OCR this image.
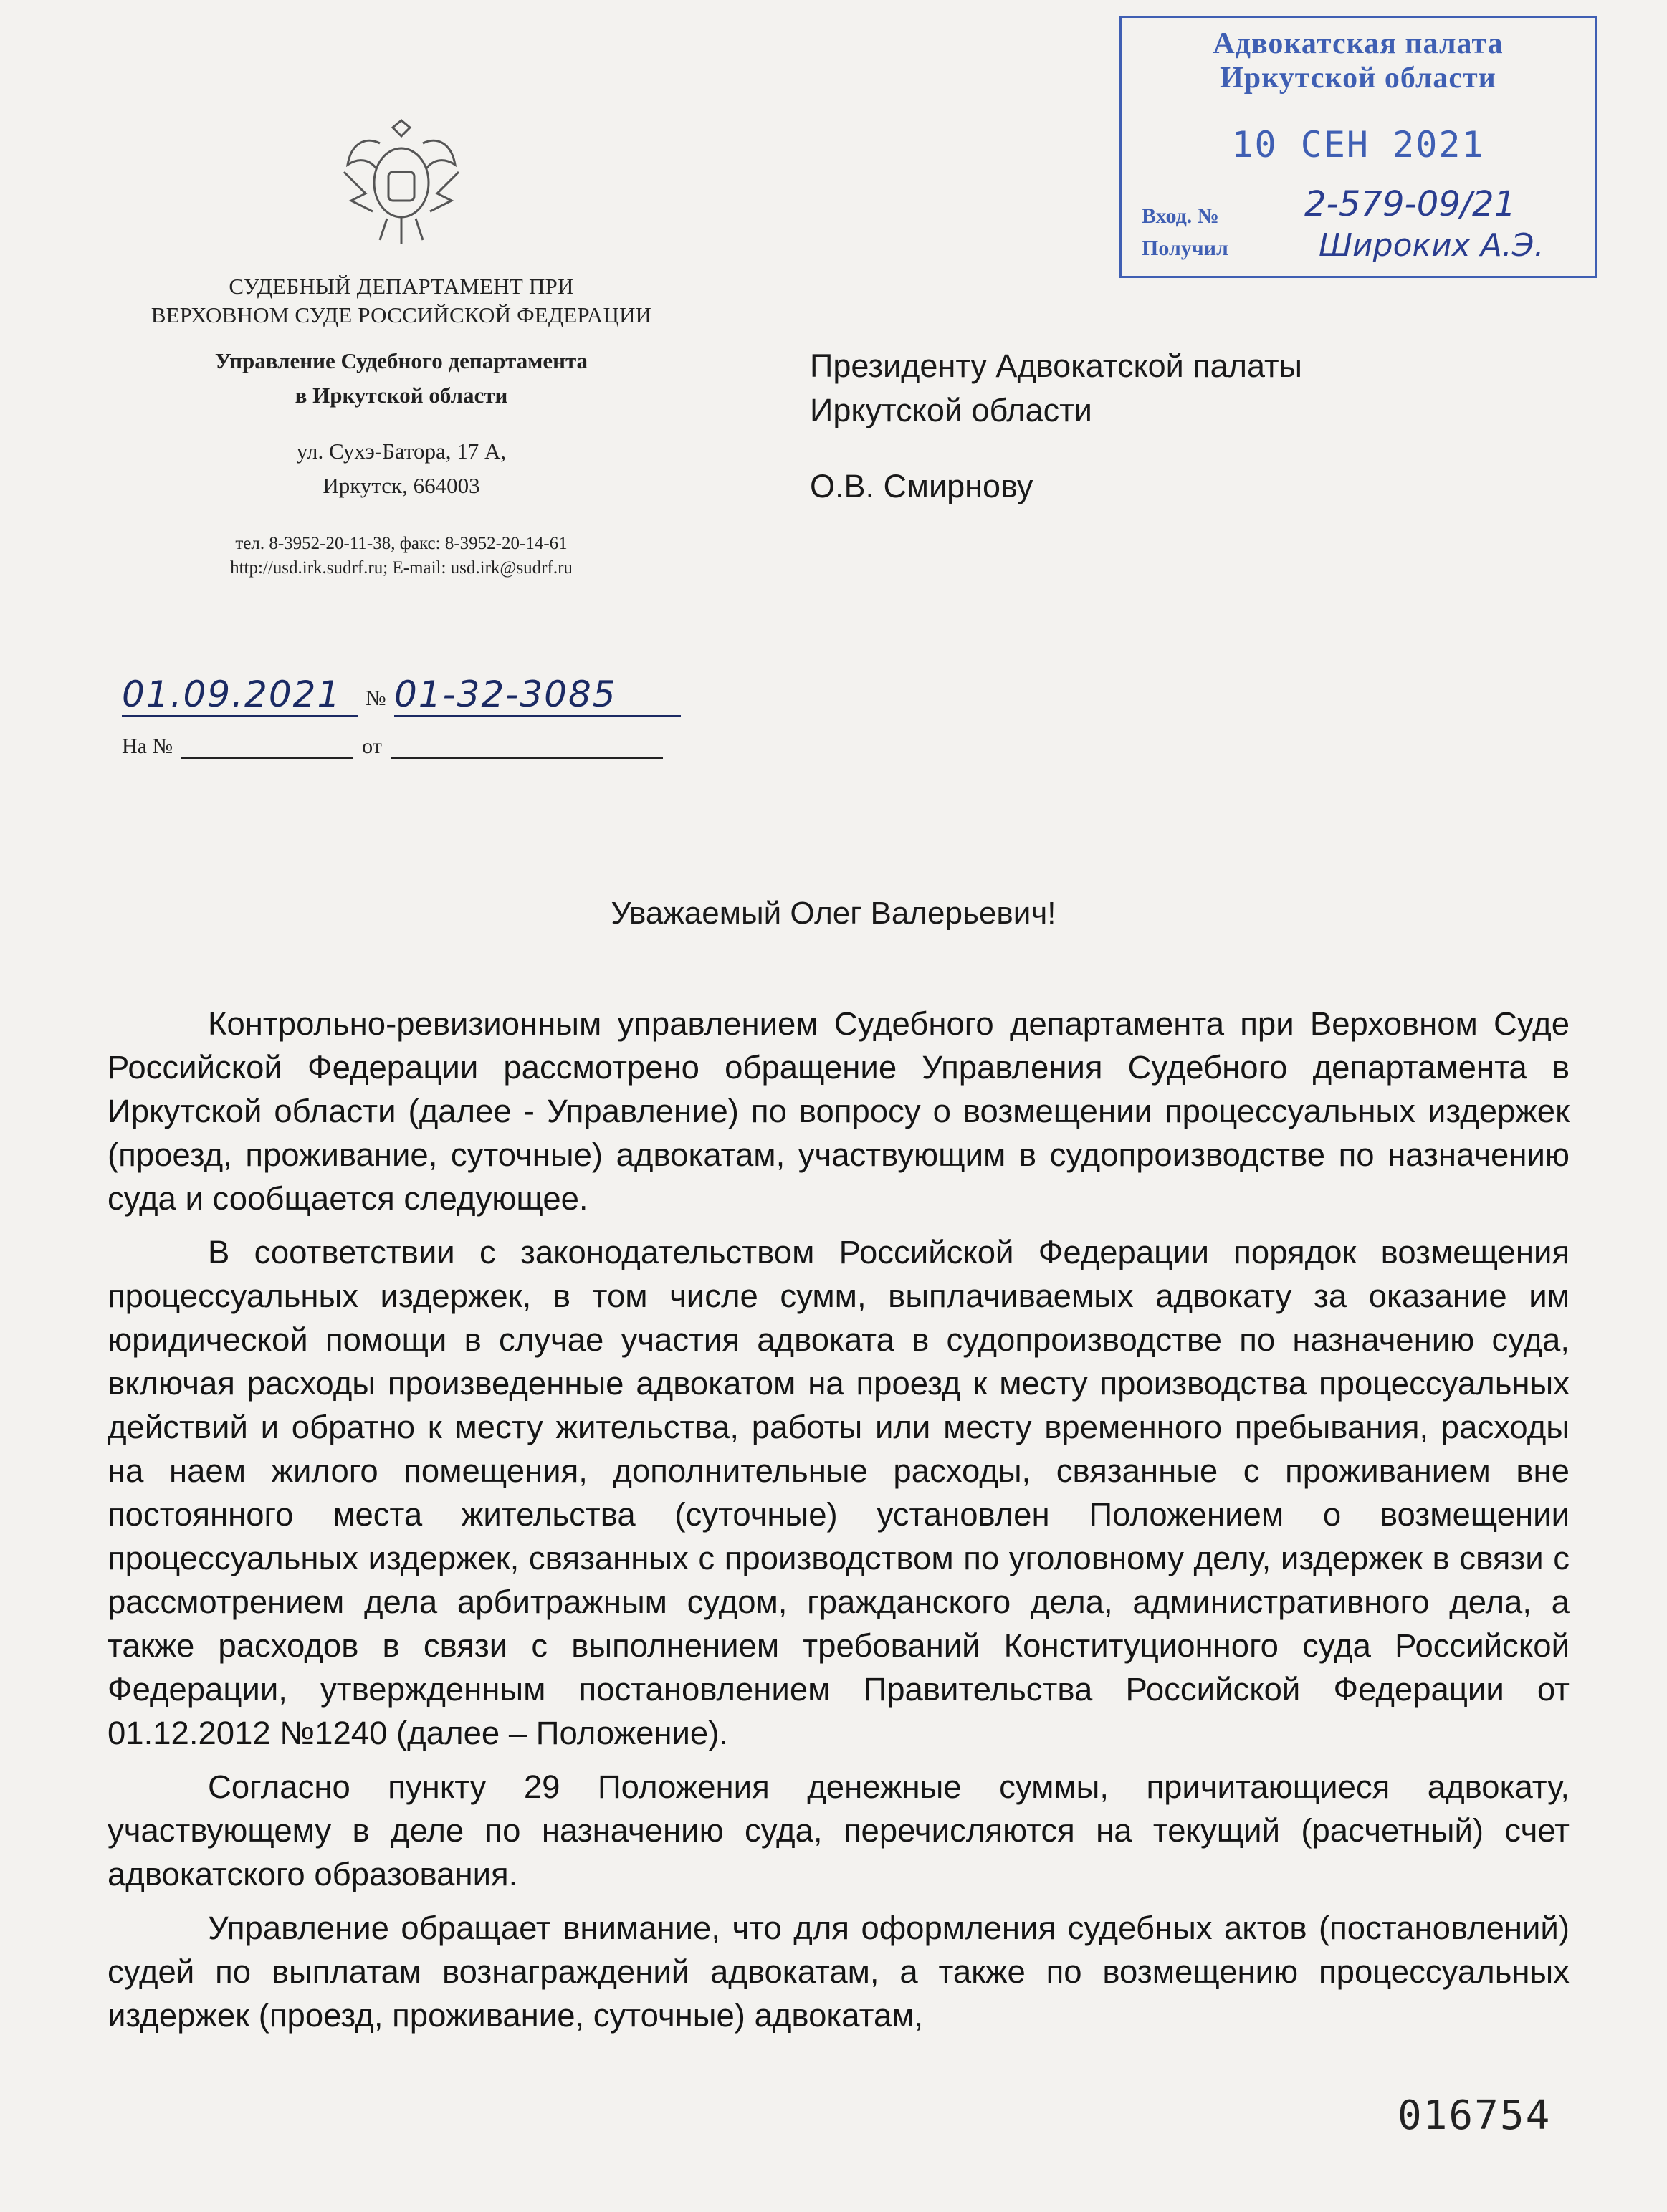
СУДЕБНЫЙ ДЕПАРТАМЕНТ ПРИ
ВЕРХОВНОМ СУДЕ РОССИЙСКОЙ ФЕДЕРАЦИИ
Управление Судебного департамента
в Иркутской области
ул. Сухэ-Батора, 17 А,
Иркутск, 664003
тел. 8-3952-20-11-38, факс: 8-3952-20-14-61
http://usd.irk.sudrf.ru; E-mail: usd.irk@sudrf.ru
01.09.2021 № 01-32-3085
На №	от
Президенту Адвокатской палаты
Иркутской области
О.В. Смирнову
Адвокатская палата
Иркутской области
10 СЕН 2021
Вход. №
Получил
2-579-09/21
Широких А.Э.
Уважаемый Олег Валерьевич!

Контрольно-ревизионным управлением Судебного департамента при Верховном Суде Российской Федерации рассмотрено обращение Управления Судебного департамента в Иркутской области (далее - Управление) по вопросу о возмещении процессуальных издержек (проезд, проживание, суточные) адвокатам, участвующим в судопроизводстве по назначению суда и сообщается следующее.

В соответствии с законодательством Российской Федерации порядок возмещения процессуальных издержек, в том числе сумм, выплачиваемых адвокату за оказание им юридической помощи в случае участия адвоката в судопроизводстве по назначению суда, включая расходы произведенные адвокатом на проезд к месту производства процессуальных действий и обратно к месту жительства, работы или месту временного пребывания, расходы на наем жилого помещения, дополнительные расходы, связанные с проживанием вне постоянного места жительства (суточные) установлен Положением о возмещении процессуальных издержек, связанных с производством по уголовному делу, издержек в связи с рассмотрением дела арбитражным судом, гражданского дела, административного дела, а также расходов в связи с выполнением требований Конституционного суда Российской Федерации, утвержденным постановлением Правительства Российской Федерации от 01.12.2012 №1240 (далее – Положение).

Согласно пункту 29 Положения денежные суммы, причитающиеся адвокату, участвующему в деле по назначению суда, перечисляются на текущий (расчетный) счет адвокатского образования.

Управление обращает внимание, что для оформления судебных актов (постановлений) судей по выплатам вознаграждений адвокатам, а также по возмещению процессуальных издержек (проезд, проживание, суточные) адвокатам,

016754
